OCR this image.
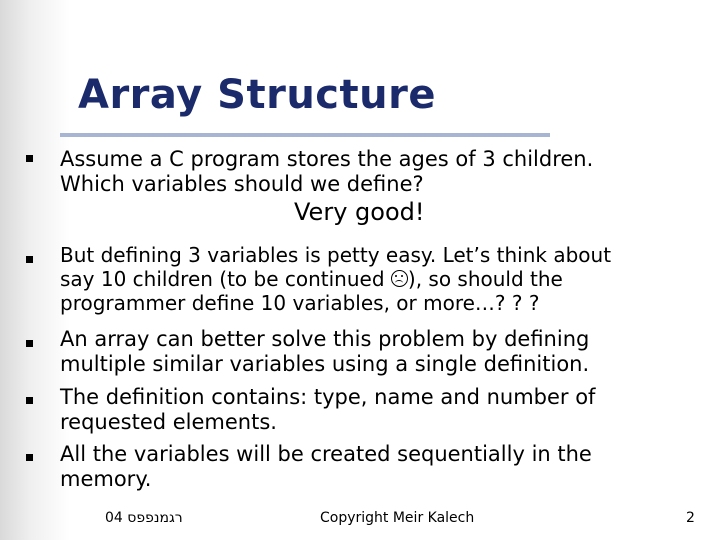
Array Structure
Assume a C program stores the ages of 3 children.
Which variables should we define?
Very good!
But defining 3 variables is petty easy. Let’s think about
say 10 children (to be continued ), so should the
programmer define 10 variables, or more…? ? ?
An array can better solve this problem by defining
multiple similar variables using a single definition.
The definition contains: type, name and number of
requested elements.
All the variables will be created sequentially in the
memory.
רגמנפפס 04	Copyright Meir Kalech	2
